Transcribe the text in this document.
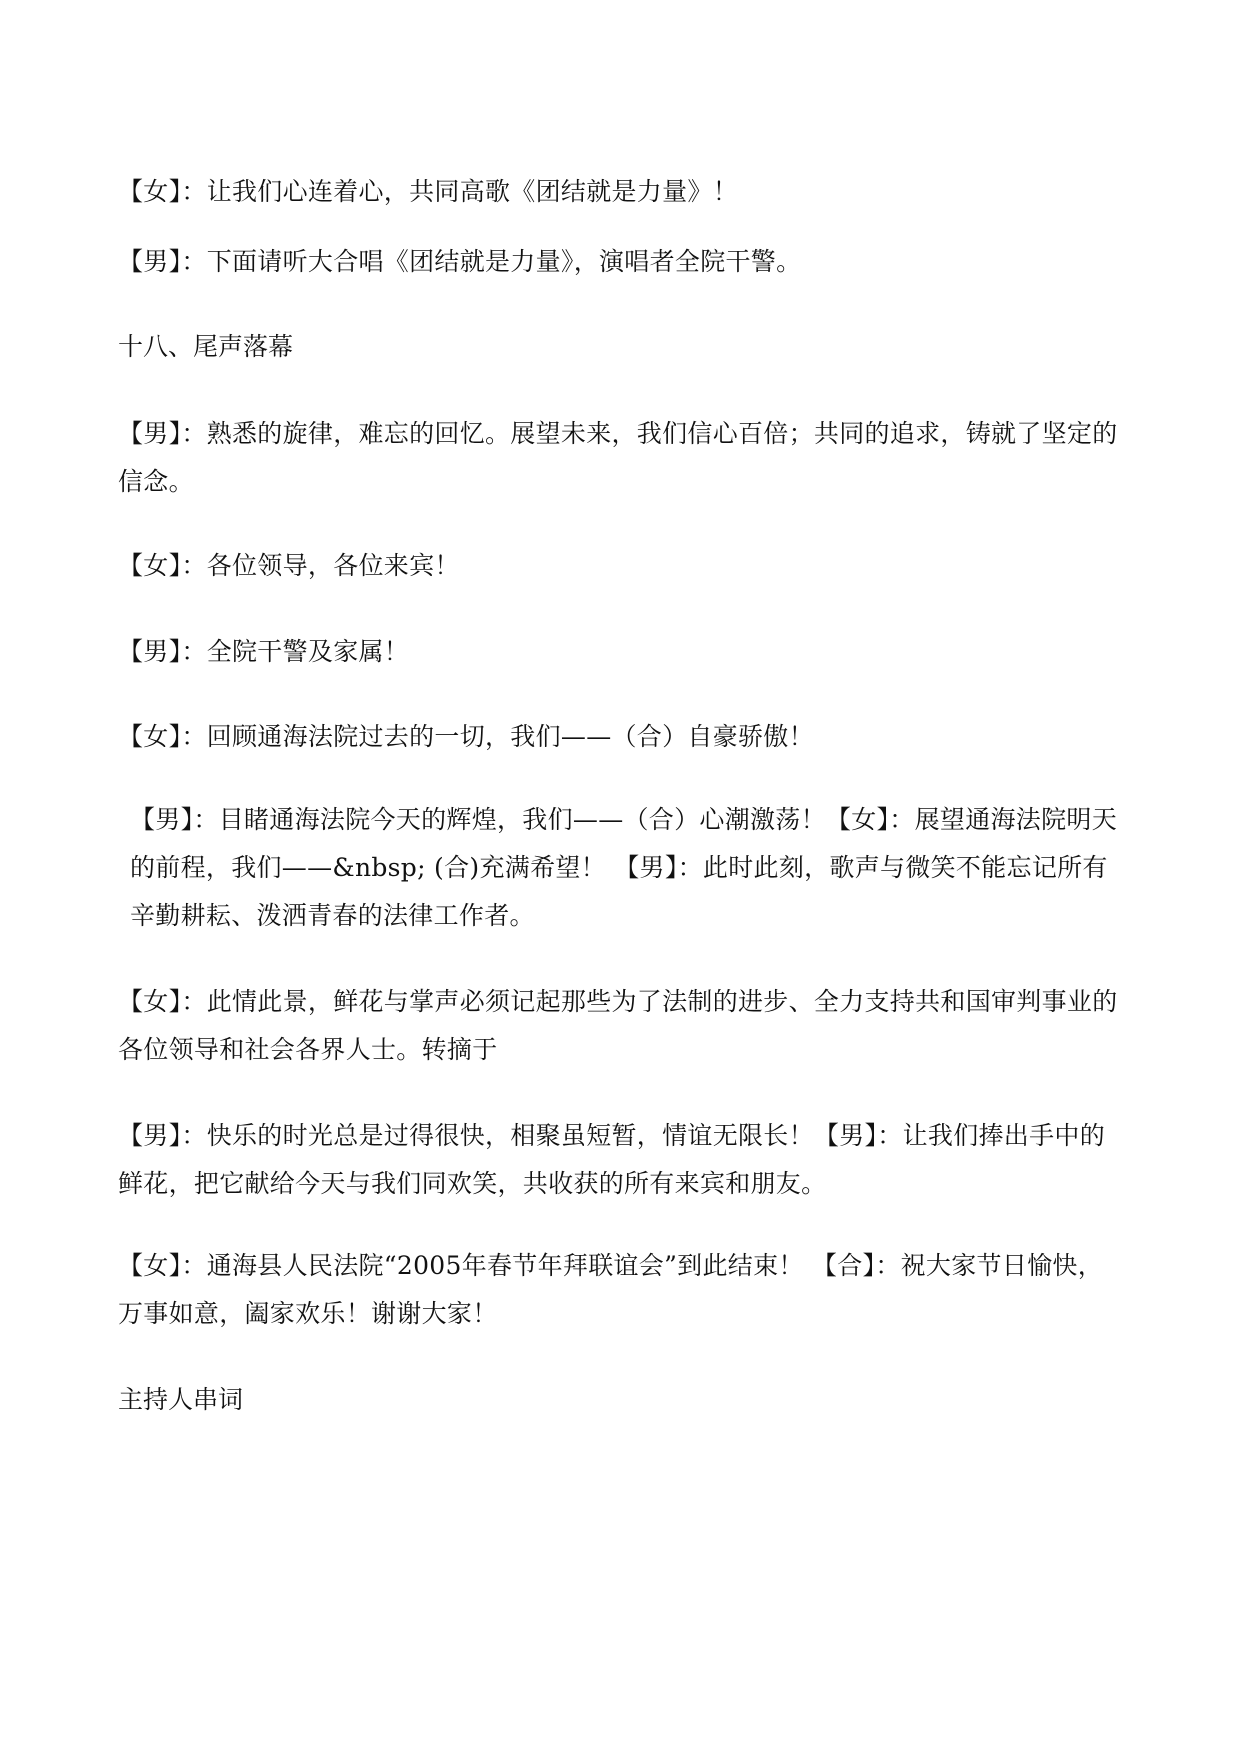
【女】：让我们心连着心，共同高歌《团结就是力量》！

【男】：下面请听大合唱《团结就是力量》，演唱者全院干警。

十八、尾声落幕

【男】：熟悉的旋律，难忘的回忆。展望未来，我们信心百倍；共同的追求，铸就了坚定的信念。

【女】：各位领导，各位来宾！

【男】：全院干警及家属！

【女】：回顾通海法院过去的一切，我们——（合）自豪骄傲！

【男】：目睹通海法院今天的辉煌，我们——（合）心潮激荡！【女】：展望通海法院明天的前程，我们——&nbsp; (合)充满希望！ 【男】：此时此刻，歌声与微笑不能忘记所有辛勤耕耘、泼洒青春的法律工作者。

【女】：此情此景，鲜花与掌声必须记起那些为了法制的进步、全力支持共和国审判事业的各位领导和社会各界人士。转摘于

【男】：快乐的时光总是过得很快，相聚虽短暂，情谊无限长！【男】：让我们捧出手中的鲜花，把它献给今天与我们同欢笑，共收获的所有来宾和朋友。

【女】：通海县人民法院“2005年春节年拜联谊会”到此结束！ 【合】：祝大家节日愉快，万事如意，阖家欢乐！谢谢大家！

主持人串词
